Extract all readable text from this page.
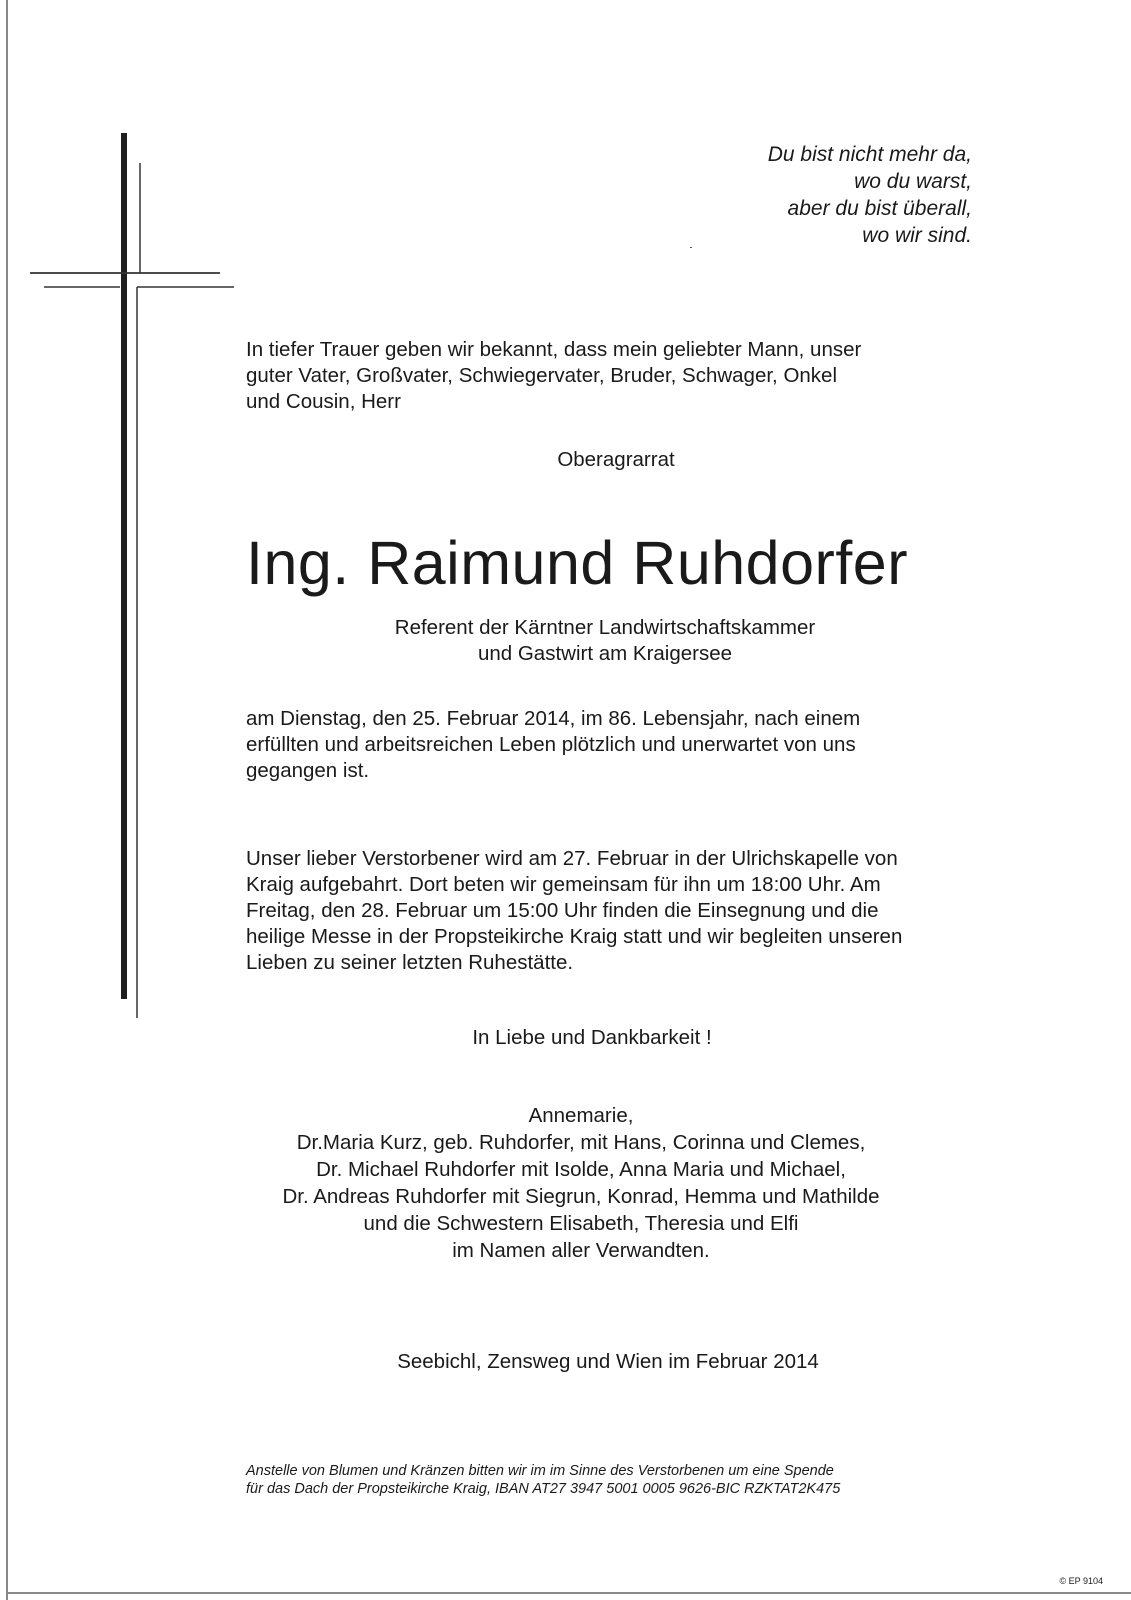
Du bist nicht mehr da,
wo du warst,
aber du bist überall,
wo wir sind.
In tiefer Trauer geben wir bekannt, dass mein geliebter Mann, unser
guter Vater, Großvater, Schwiegervater, Bruder, Schwager, Onkel
und Cousin, Herr
Oberagrarrat
Ing. Raimund Ruhdorfer
Referent der Kärntner Landwirtschaftskammer
und Gastwirt am Kraigersee
am Dienstag, den 25. Februar 2014, im 86. Lebensjahr, nach einem
erfüllten und arbeitsreichen Leben plötzlich und unerwartet von uns
gegangen ist.
Unser lieber Verstorbener wird am 27. Februar in der Ulrichskapelle von
Kraig aufgebahrt. Dort beten wir gemeinsam für ihn um 18:00 Uhr. Am
Freitag, den 28. Februar um 15:00 Uhr finden die Einsegnung und die
heilige Messe in der Propsteikirche Kraig statt und wir begleiten unseren
Lieben zu seiner letzten Ruhestätte.
In Liebe und Dankbarkeit !
Annemarie,
Dr.Maria Kurz, geb. Ruhdorfer, mit Hans, Corinna und Clemes,
Dr. Michael Ruhdorfer mit Isolde, Anna Maria und Michael,
Dr. Andreas Ruhdorfer mit Siegrun, Konrad, Hemma und Mathilde
und die Schwestern Elisabeth, Theresia und Elfi
im Namen aller Verwandten.
Seebichl, Zensweg und Wien im Februar 2014
Anstelle von Blumen und Kränzen bitten wir im im Sinne des Verstorbenen um eine Spende
für das Dach der Propsteikirche Kraig, IBAN AT27 3947 5001 0005 9626-BIC RZKTAT2K475
© EP 9104
